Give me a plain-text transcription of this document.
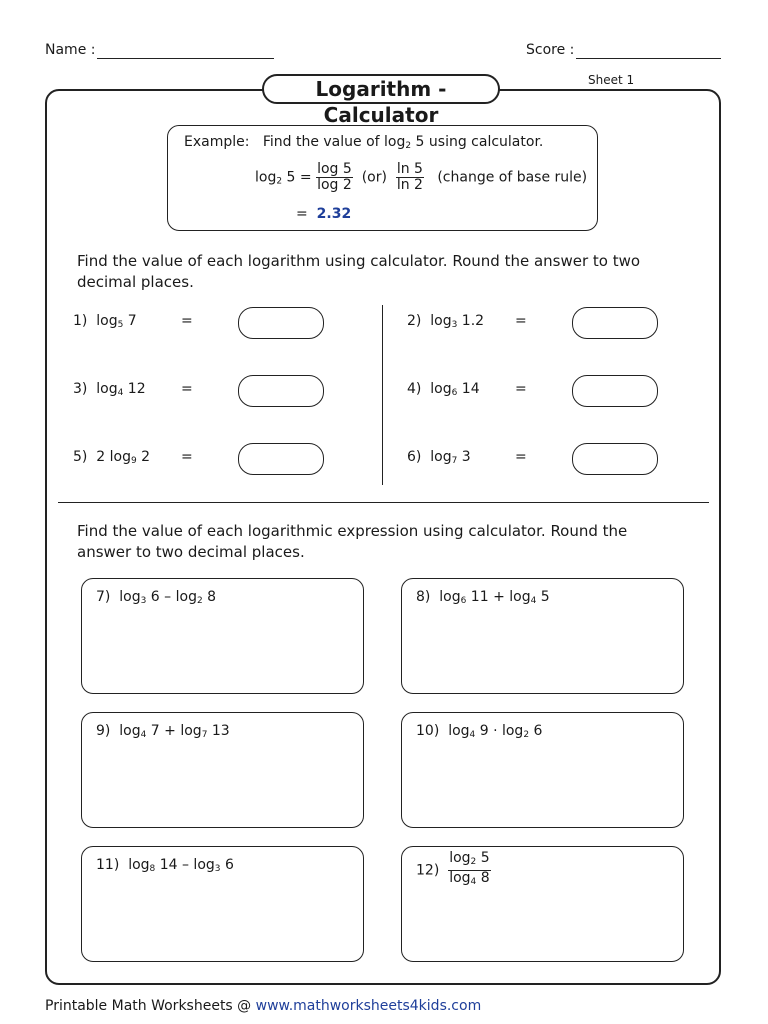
Name :	Score :
Logarithm - Calculator
Sheet 1
Example: Find the value of $\log_2 5$ using calculator.
$\log_2 5 = \frac{\log 5}{\log 2} (or) \frac{\ln 5}{\ln 2}$ (change of base rule)
= 2.32
Find the value of each logarithm using calculator. Round the answer to two decimal places.
1) $\log_5 7$	=	2) $\log_3 1.2$ =
3) $\log_4 12$	=	4) $\log_6 14$	=
5) 2 $\log_9 2$ =	6) $\log_7 3$	=
Find the value of each logarithmic expression using calculator. Round the answer to two decimal places.
7) $\log_3 6 - \log_2 8$	8) $\log_6 11 + \log_4 5$
9) $\log_4 7 + \log_7 13$	10) $\log_4 9 \cdot \log_2 6$
11) $\log_8 14 - \log_3 6$	$12) \frac{\log_2 5}{\log_4 8}$
Printable Math Worksheets @ www.mathworksheets4kids.com
